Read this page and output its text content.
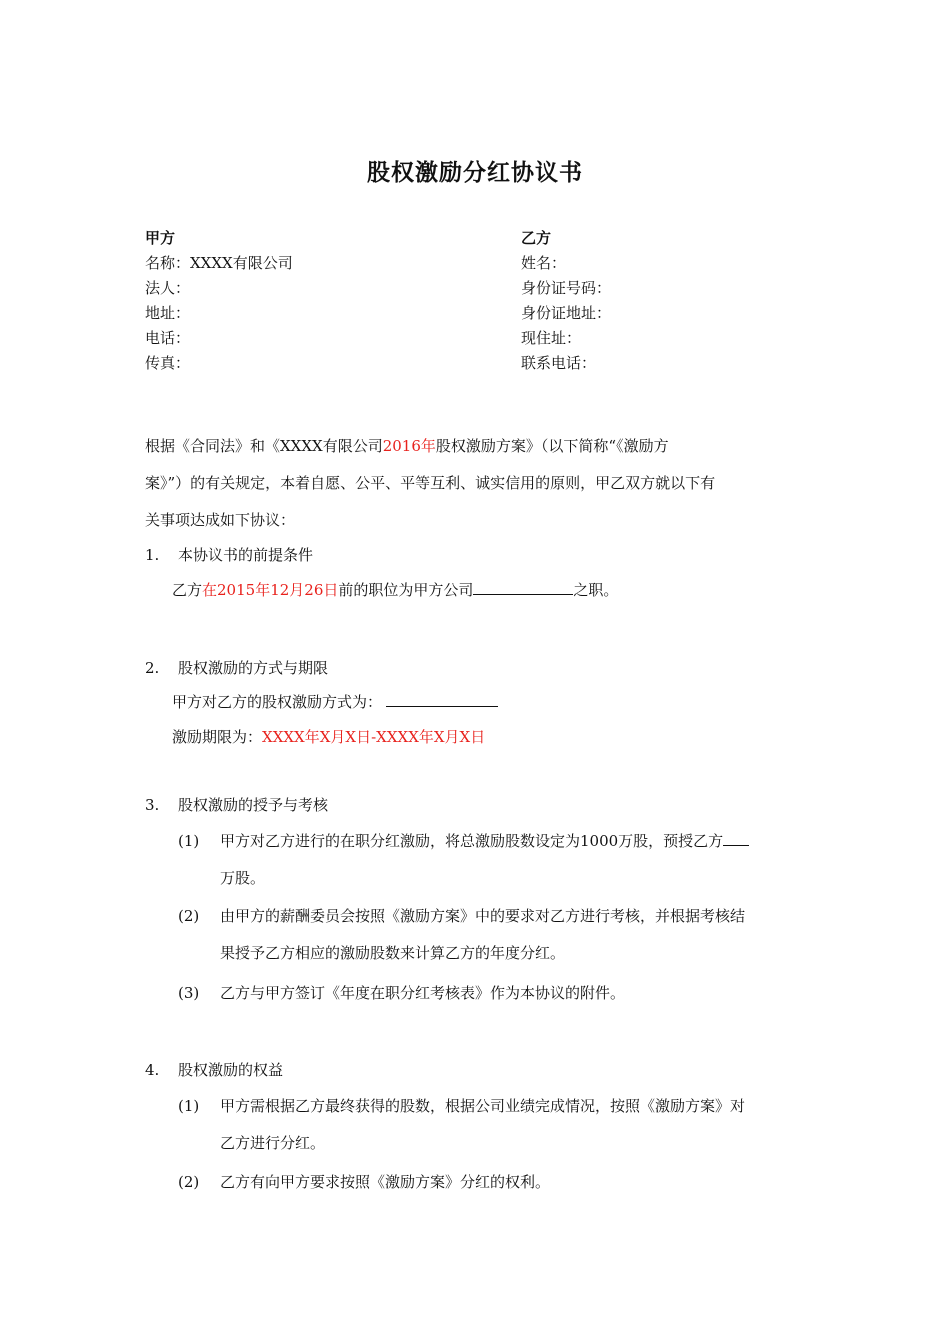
股权激励分红协议书
甲方
名称：XXXX有限公司
法人：
地址：
电话：
传真：
乙方
姓名：
身份证号码：
身份证地址：
现住址：
联系电话：
根据《合同法》和《XXXX有限公司2016年股权激励方案》（以下简称“《激励方
案》”）的有关规定，本着自愿、公平、平等互利、诚实信用的原则，甲乙双方就以下有
关事项达成如下协议：
1. 本协议书的前提条件
乙方在2015年12月26日前的职位为甲方公司	之职。
2. 股权激励的方式与期限
甲方对乙方的股权激励方式为：
激励期限为：XXXX年X月X日-XXXX年X月X日
3. 股权激励的授予与考核
(1) 甲方对乙方进行的在职分红激励，将总激励股数设定为1000万股，预授乙方
万股。
(2) 由甲方的薪酬委员会按照《激励方案》中的要求对乙方进行考核，并根据考核结
果授予乙方相应的激励股数来计算乙方的年度分红。
(3) 乙方与甲方签订《年度在职分红考核表》作为本协议的附件。
4. 股权激励的权益
(1) 甲方需根据乙方最终获得的股数，根据公司业绩完成情况，按照《激励方案》对
乙方进行分红。
(2) 乙方有向甲方要求按照《激励方案》分红的权利。
